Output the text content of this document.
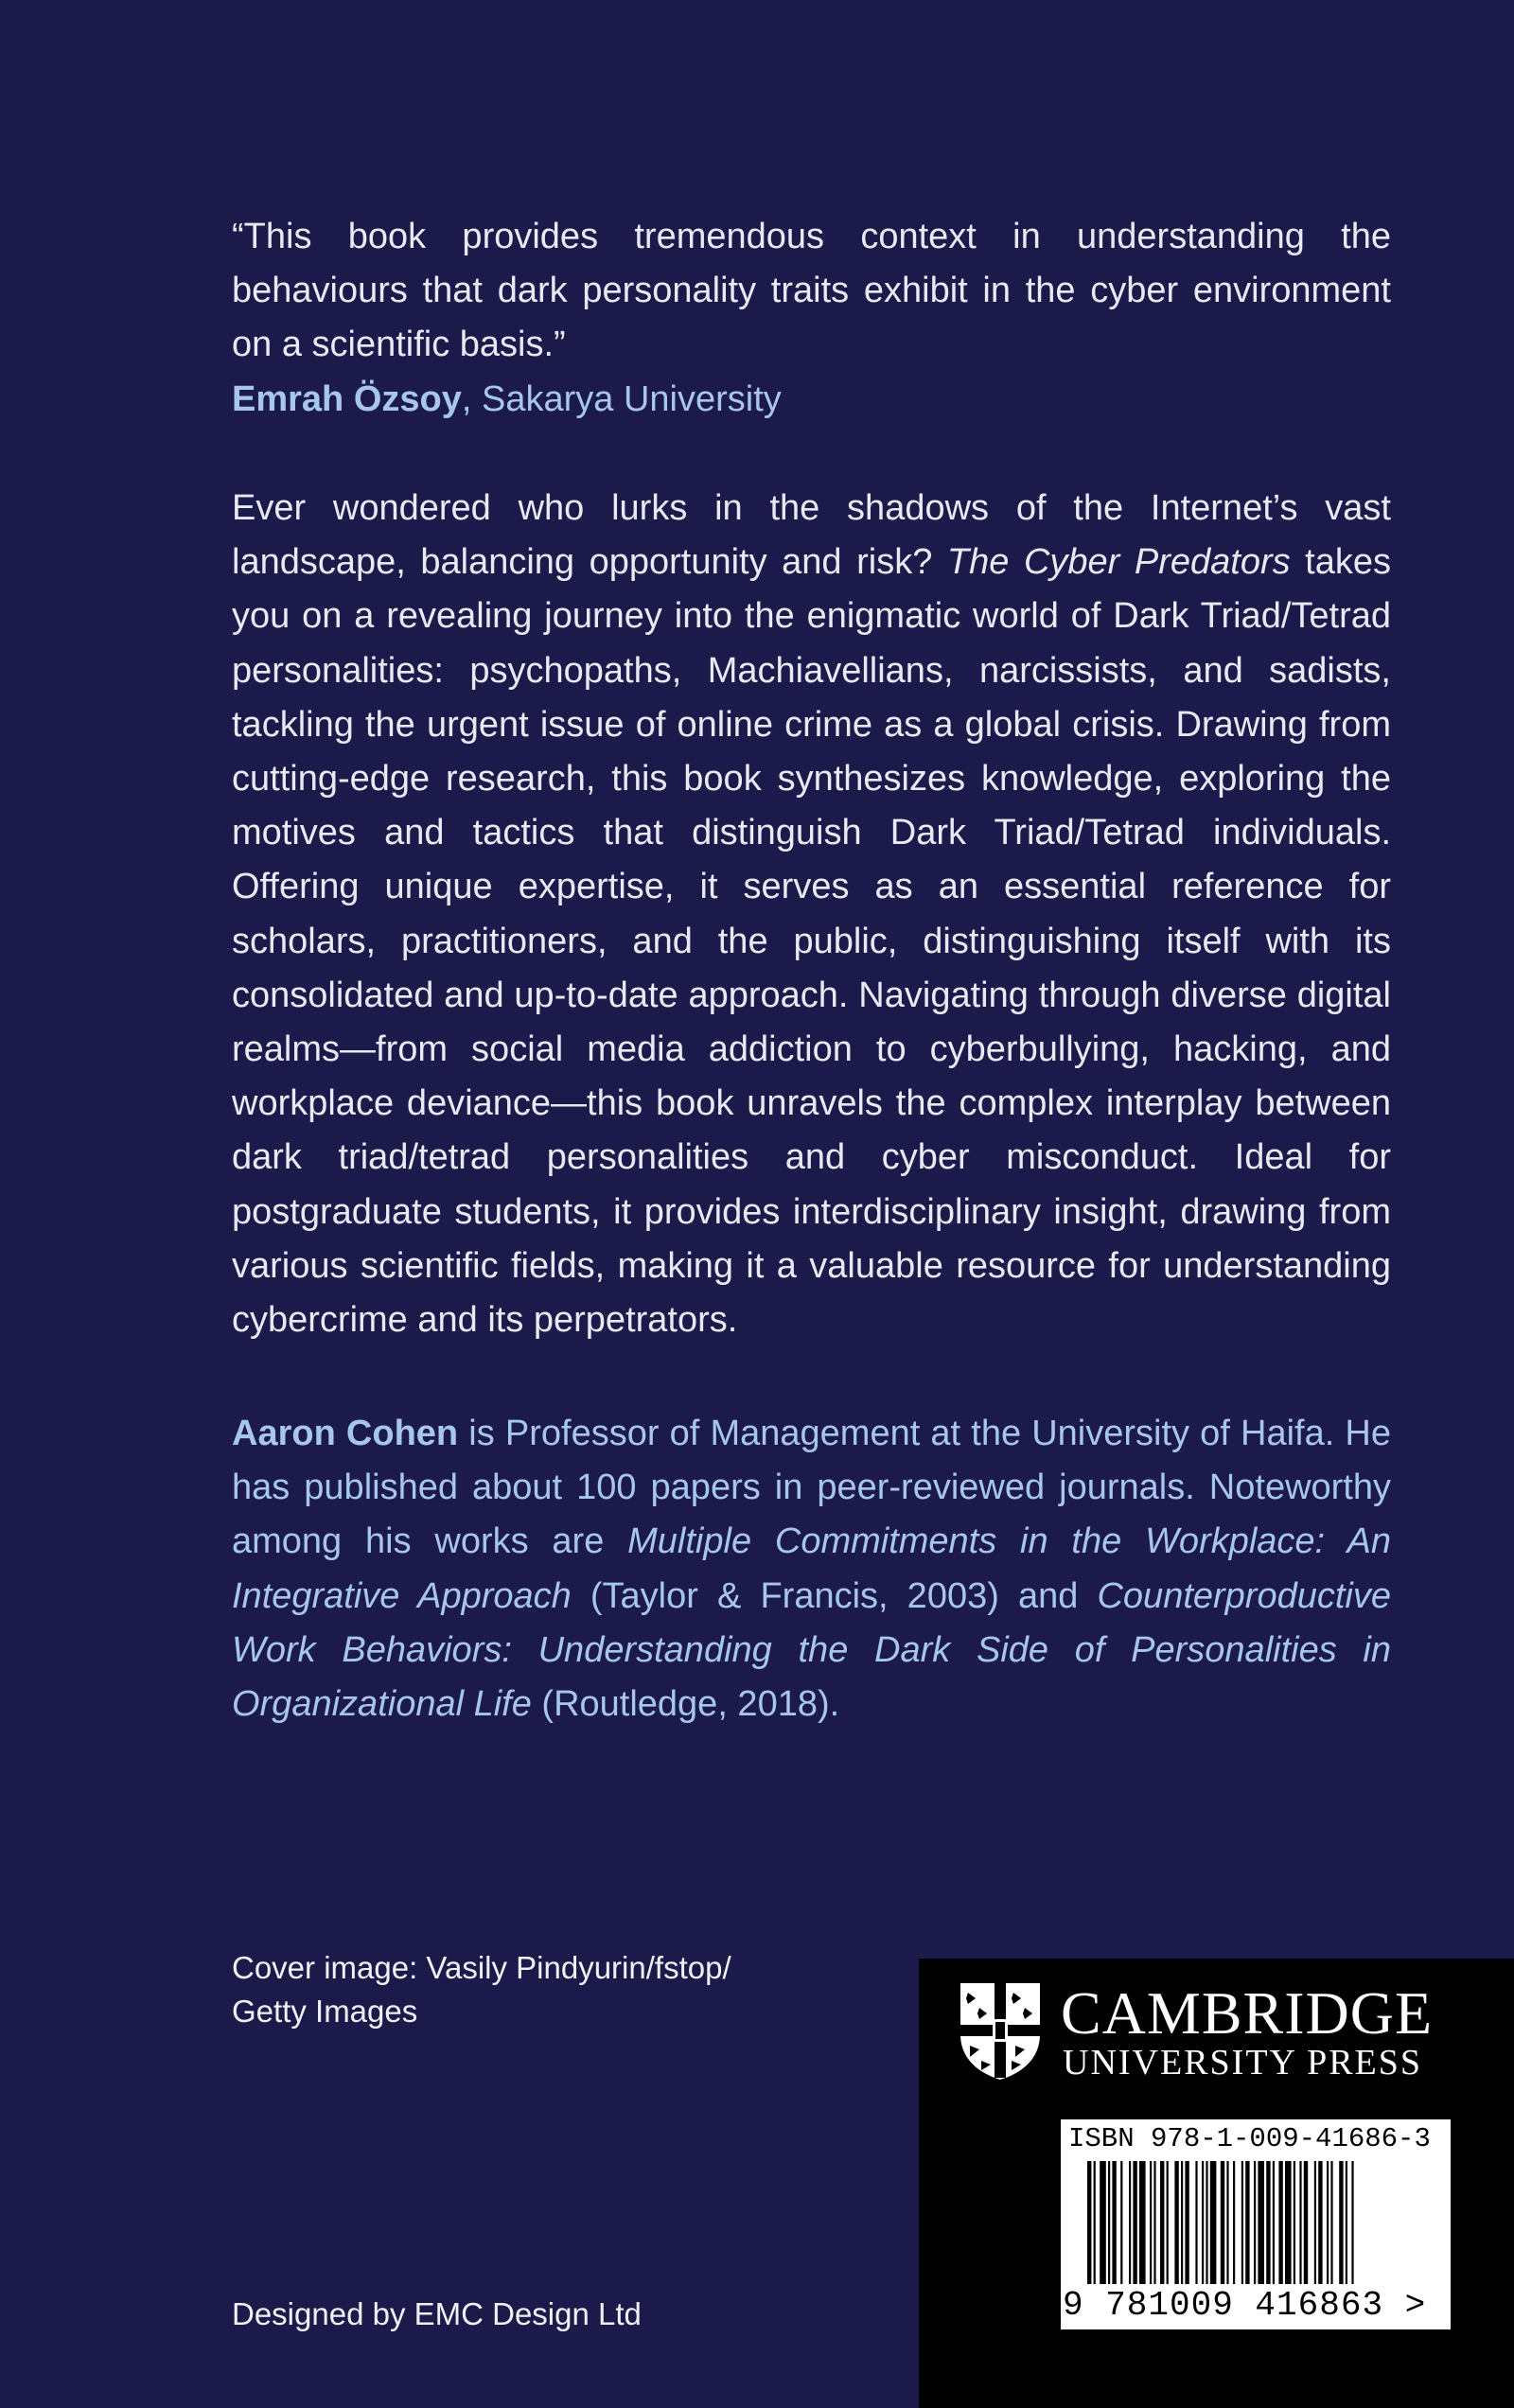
“This book provides tremendous context in understanding the behaviours that dark personality traits exhibit in the cyber environment on a scientific basis.”

Emrah Özsoy, Sakarya University

Ever wondered who lurks in the shadows of the Internet’s vast landscape, balancing opportunity and risk? The Cyber Predators takes you on a revealing journey into the enigmatic world of Dark Triad/Tetrad personalities: psychopaths, Machiavellians, narcissists, and sadists, tackling the urgent issue of online crime as a global crisis. Drawing from cutting-edge research, this book synthesizes knowledge, exploring the motives and tactics that distinguish Dark Triad/Tetrad individuals. Offering unique expertise, it serves as an essential reference for scholars, practitioners, and the public, distinguishing itself with its consolidated and up-to-date approach. Navigating through diverse digital realms—from social media addiction to cyberbullying, hacking, and workplace deviance—this book unravels the complex interplay between dark triad/tetrad personalities and cyber misconduct. Ideal for postgraduate students, it provides interdisciplinary insight, drawing from various scientific fields, making it a valuable resource for understanding cybercrime and its perpetrators.

Aaron Cohen is Professor of Management at the University of Haifa. He has published about 100 papers in peer-reviewed journals. Noteworthy among his works are Multiple Commitments in the Workplace: An Integrative Approach (Taylor & Francis, 2003) and Counterproductive Work Behaviors: Understanding the Dark Side of Personalities in Organizational Life (Routledge, 2018).

Cover image: Vasily Pindyurin/fstop/
Getty Images
Designed by EMC Design Ltd
CAMBRIDGE
UNIVERSITY PRESS
ISBN 978-1-009-41686-3
9 781009 416863 >
